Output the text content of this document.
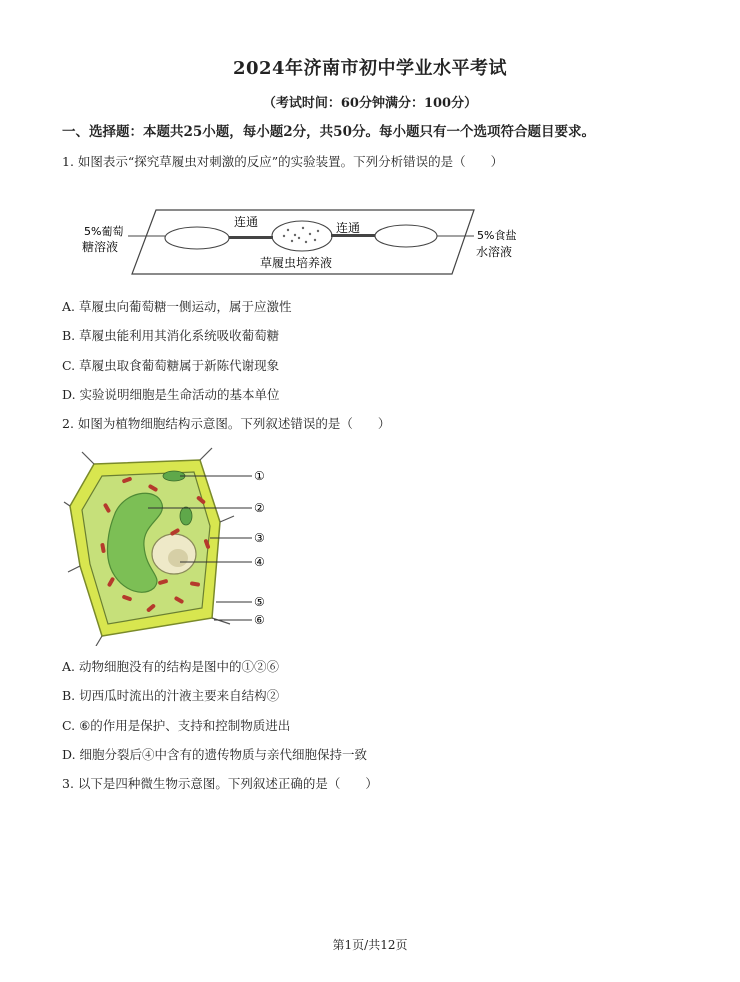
2024年济南市初中学业水平考试
（考试时间：60分钟满分：100分）
一、选择题：本题共25小题，每小题2分，共50分。每小题只有一个选项符合题目要求。
1. 如图表示“探究草履虫对刺激的反应”的实验装置。下列分析错误的是（　　）
5%葡萄
糖溶液
连通	连通
草履虫培养液
5%食盐
水溶液
A. 草履虫向葡萄糖一侧运动，属于应激性
B. 草履虫能利用其消化系统吸收葡萄糖
C. 草履虫取食葡萄糖属于新陈代谢现象
D. 实验说明细胞是生命活动的基本单位
2. 如图为植物细胞结构示意图。下列叙述错误的是（　　）
①
②
③
④
⑤
⑥
A. 动物细胞没有的结构是图中的①②⑥
B. 切西瓜时流出的汁液主要来自结构②
C. ⑥的作用是保护、支持和控制物质进出
D. 细胞分裂后④中含有的遗传物质与亲代细胞保持一致
3. 以下是四种微生物示意图。下列叙述正确的是（　　）
第1页/共12页
